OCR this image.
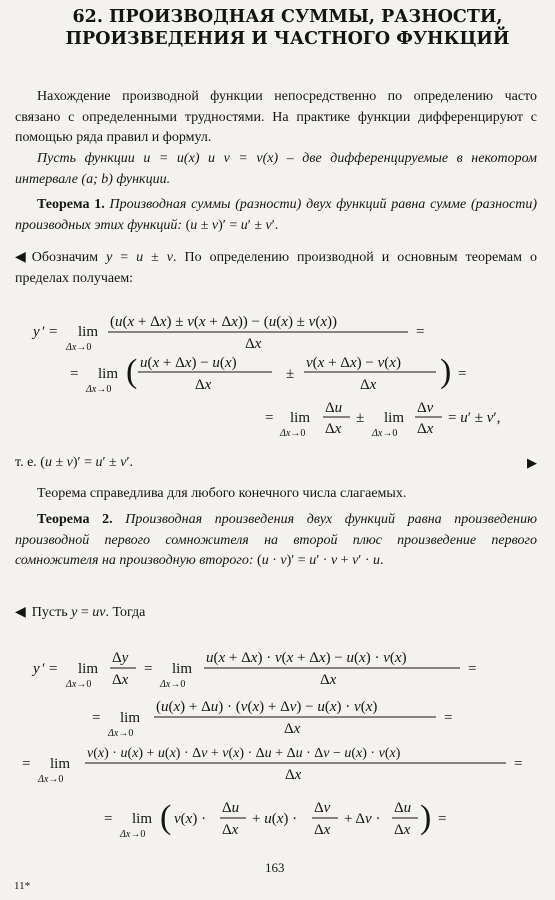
62. ПРОИЗВОДНАЯ СУММЫ, РАЗНОСТИ,
ПРОИЗВЕДЕНИЯ И ЧАСТНОГО ФУНКЦИЙ
Нахождение производной функции непосредственно по определению часто связано с определенными трудностями. На практике функции дифференцируют с помощью ряда правил и формул.
Пусть функции u = u(x) и v = v(x) – две дифференцируемые в некотором интервале (a; b) функции.
Теорема 1. Производная суммы (разности) двух функций равна сумме (разности) производных этих функций: (u ± v)′ = u′ ± v′.
◀ Обозначим y = u ± v. По определению производной и основным теоремам о пределах получаем:
y ′ = lim
Δx→0
(u(x + Δx) ± v(x + Δx)) − (u(x) ± v(x))
Δx
=
= lim
Δx→0 ( u(x + Δx) − u(x)
Δx
±
v(x + Δx) − v(x)
Δx ) =
= lim
Δx→0
Δu
Δx
± lim
Δx→0
Δv
Δx
= u′ ± v′,
т. е. (u ± v)′ = u′ ± v′.	▶
Теорема справедлива для любого конечного числа слагаемых.
Теорема 2. Производная произведения двух функций равна произведению производной первого сомножителя на второй плюс произведение первого сомножителя на производную второго: (u · v)′ = u′ · v + v′ · u.
◀ Пусть y = uv. Тогда
y ′ = lim
Δx→0
Δy
Δx
= lim
Δx→0
u(x + Δx) · v(x + Δx) − u(x) · v(x)
Δx
=
= lim
Δx→0
(u(x) + Δu) · (v(x) + Δv) − u(x) · v(x)
Δx
=
= lim
Δx→0
v(x) · u(x) + u(x) · Δv + v(x) · Δu + Δu · Δv − u(x) · v(x)
Δx
=
= lim
Δx→0 ( v(x) ·
Δu
Δx
+ u(x) ·
Δv
Δx
+ Δv ·
Δu
Δx ) =
163
11*
